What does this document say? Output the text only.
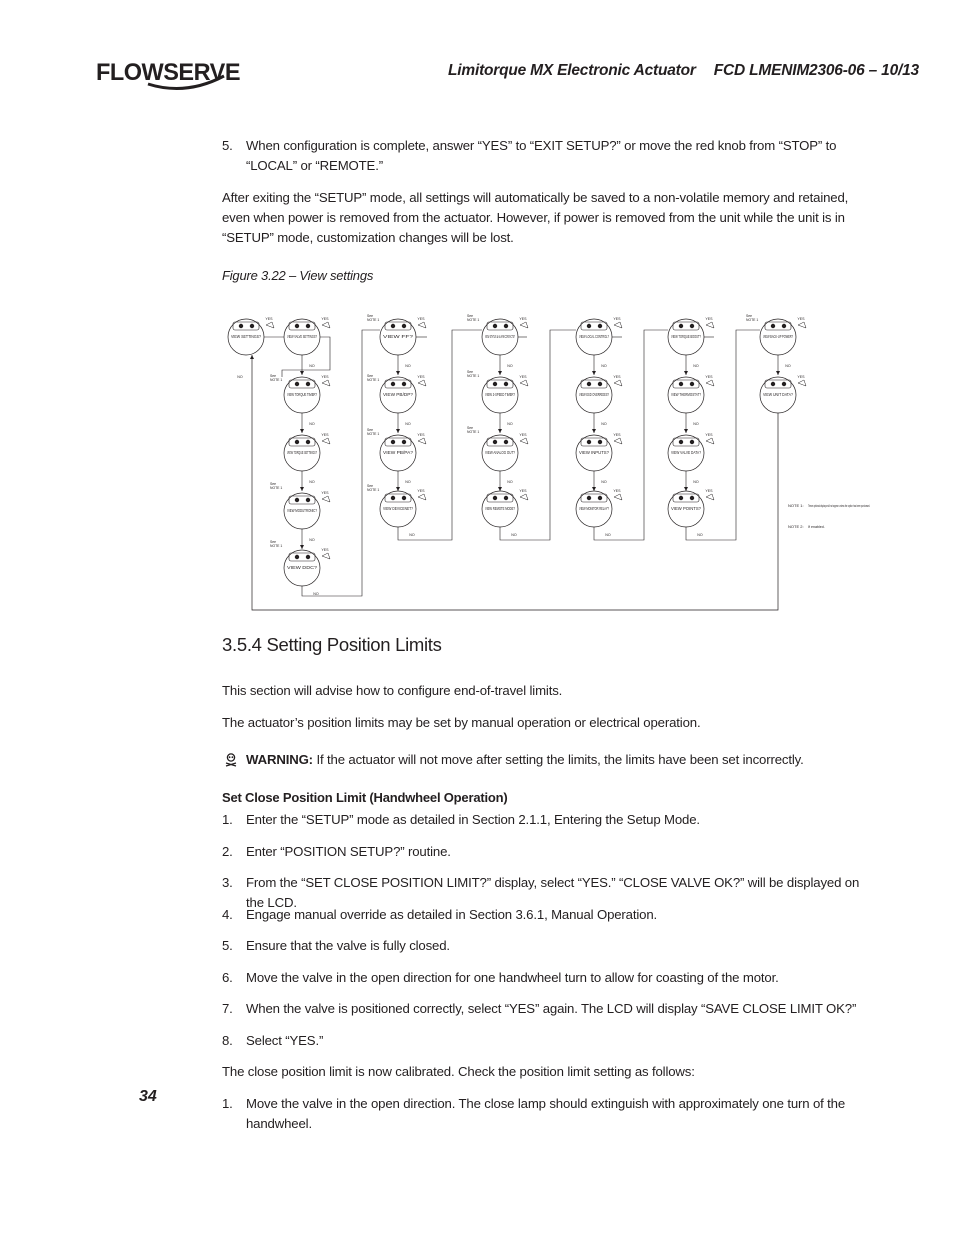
FLOWSERVE	Limitorque MX Electronic Actuator FCD LMENIM2306-06 – 10/13
5.	When configuration is complete, answer “YES” to “EXIT SETUP?” or move the red knob from “STOP” to “LOCAL” or “REMOTE.”
After exiting the “SETUP” mode, all settings will automatically be saved to a non-volatile memory and retained, even when power is removed from the actuator. However, if power is removed from the unit while the unit is in “SETUP” mode, customization changes will be lost.
Figure 3.22 – View settings
VIEW SETTINGS?
YES
VIEW VALVE SETTINGS?
YES
NO
VIEW TORQUE TIMER?
YES
NO
YES
NO
VIEW MODUTRONIC?
YES
NO
VIEW DDC?
YES
VIEW FF?
YES
NO
VIEW PB/DP?
YES
NO
VIEW PB/PA?
YES
NO
VIEW DEVICENET?
YES
VIEW STATUS & ALARM CONTACTS?
YES
NO
VIEW 2-SPEED TIMER?
YES
NO
VIEW ANALOG OUT?
YES
NO
VIEW REMOTE MODE?
YES
VIEW LOCAL CONTROL?
YES
NO
VIEW ESD OVERRIDES?
YES
NO
VIEW INPUTS?
YES
NO
VIEW MONITOR RELAY?
YES
VIEW TORQUE BOOST?
YES
NO
VIEW THERMOSTAT?
YES
NO
VIEW VALVE DATA?
YES
NO
VIEW POINTS?
YES
VIEW BACK-UP POWER?
YES
NO
VIEW UNIT DATA?
YES
NO
NO	NO	NO	NO
NO	See
NOTE 1
See
NOTE 1
See
NOTE 1
See
NOTE 1
See
NOTE 1
See
NOTE 1
See
NOTE 1
See
NOTE 1
See
NOTE 1
See
NOTE 1
See
NOTE 1
NOTE 1: These optional displays will not appear unless the option has been purchased.
NOTE 2: If enabled.
3.5.4 Setting Position Limits
This section will advise how to configure end-of-travel limits.
The actuator’s position limits may be set by manual operation or electrical operation.
WARNING: If the actuator will not move after setting the limits, the limits have been set incorrectly.
Set Close Position Limit (Handwheel Operation)
1.	Enter the “SETUP” mode as detailed in Section 2.1.1, Entering the Setup Mode.
2.	Enter “POSITION SETUP?” routine.
3.	From the “SET CLOSE POSITION LIMIT?” display, select “YES.” “CLOSE VALVE OK?” will be displayed on the LCD.
4.	Engage manual override as detailed in Section 3.6.1, Manual Operation.
5.	Ensure that the valve is fully closed.
6.	Move the valve in the open direction for one handwheel turn to allow for coasting of the motor.
7.	When the valve is positioned correctly, select “YES” again. The LCD will display “SAVE CLOSE LIMIT OK?”
8.	Select “YES.”
The close position limit is now calibrated. Check the position limit setting as follows:
1.	Move the valve in the open direction. The close lamp should extinguish with approximately one turn of the handwheel.
34
